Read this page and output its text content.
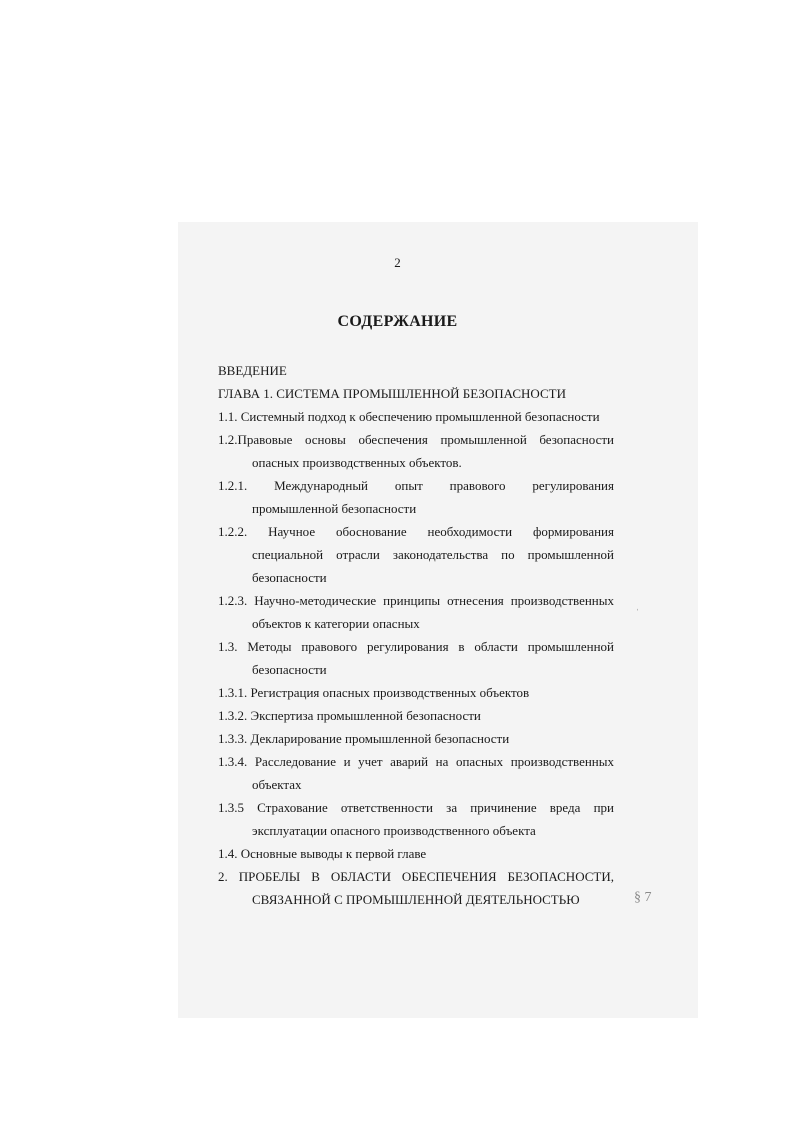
2
СОДЕРЖАНИЕ
ВВЕДЕНИЕ
ГЛАВА 1. СИСТЕМА ПРОМЫШЛЕННОЙ БЕЗОПАСНОСТИ
1.1. Системный подход к обеспечению промышленной безопасности
1.2.Правовые основы обеспечения промышленной безопасности
опасных производственных объектов.
1.2.1. Международный опыт правового регулирования
промышленной безопасности
1.2.2. Научное обоснование необходимости формирования
специальной отрасли законодательства по промышленной
безопасности
1.2.3. Научно-методические принципы отнесения производственных
объектов к категории опасных
1.3. Методы правового регулирования в области промышленной
безопасности
1.3.1. Регистрация опасных производственных объектов
1.3.2. Экспертиза промышленной безопасности
1.3.3. Декларирование промышленной безопасности
1.3.4. Расследование и учет аварий на опасных производственных
объектах
1.3.5 Страхование ответственности за причинение вреда при
эксплуатации опасного производственного объекта
1.4. Основные выводы к первой главе
2. ПРОБЕЛЫ В ОБЛАСТИ ОБЕСПЕЧЕНИЯ БЕЗОПАСНОСТИ,
СВЯЗАННОЙ С ПРОМЫШЛЕННОЙ ДЕЯТЕЛЬНОСТЬЮ
ˌ
§ 7
